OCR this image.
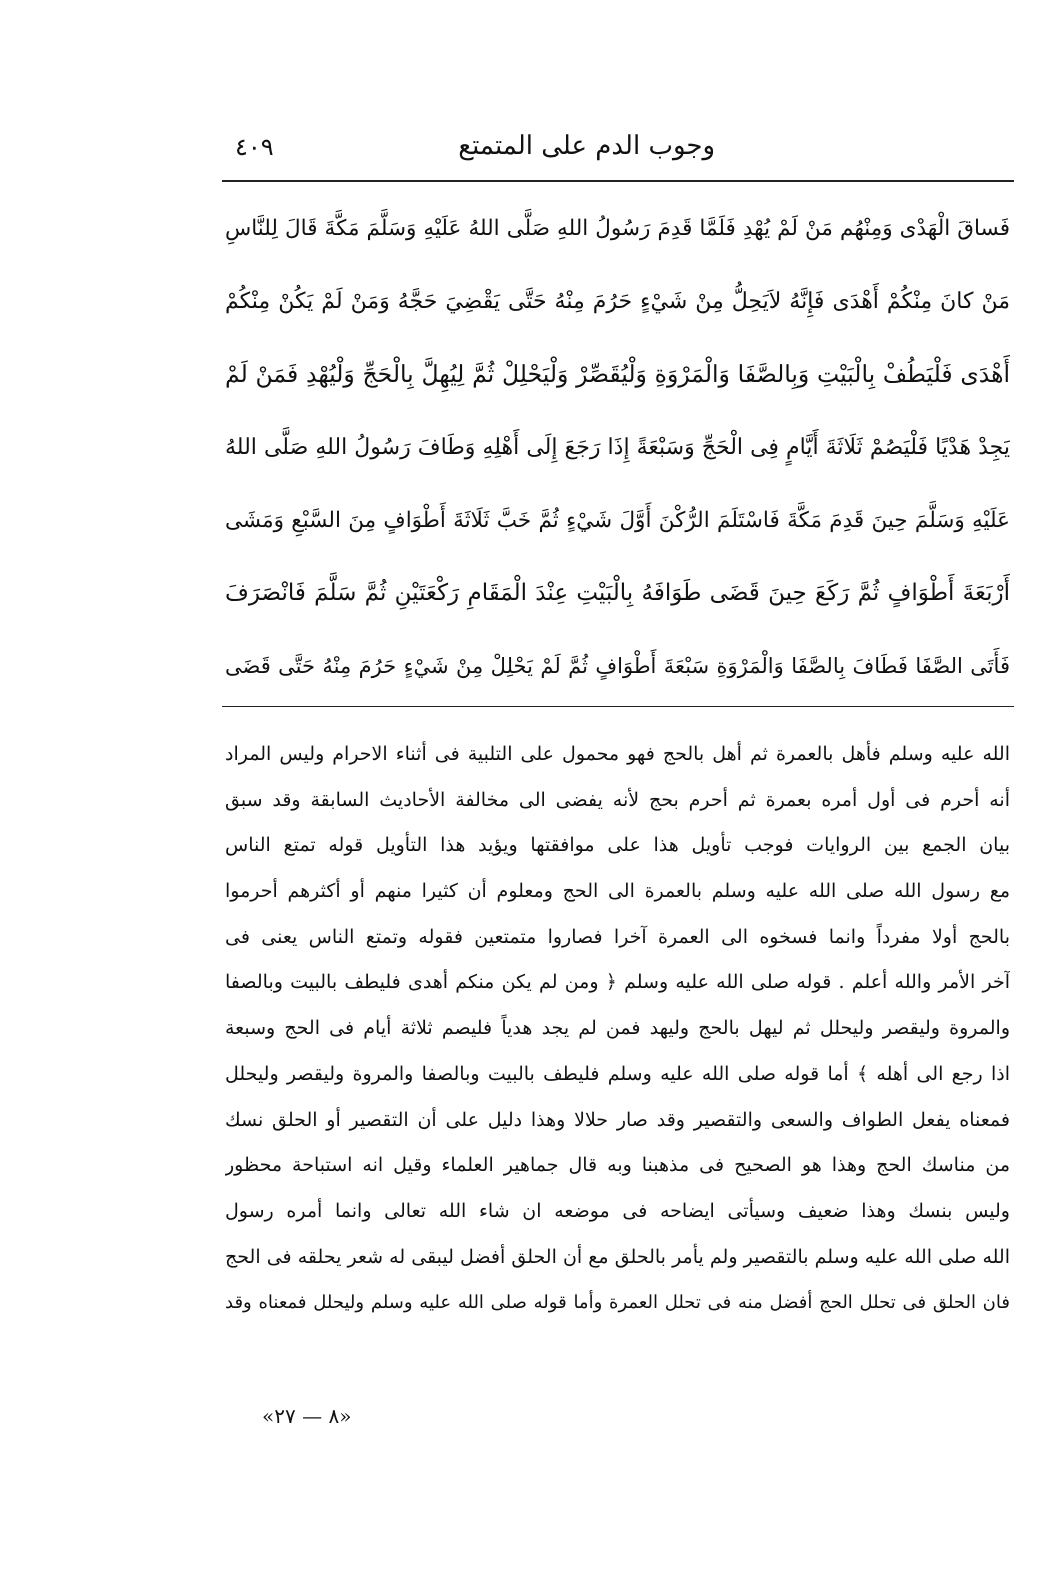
وجوب الدم على المتمتع
٤٠٩
فَساقَ الْهَدْى وَمِنْهُم مَنْ لَمْ يُهْدِ فَلَمَّا قَدِمَ رَسُولُ اللهِ صَلَّى اللهُ عَلَيْهِ وَسَلَّمَ مَكَّةَ قَالَ لِلنَّاسِ
مَنْ كانَ مِنْكُمْ أَهْدَى فَإِنَّهُ لاَيَحِلُّ مِنْ شَيْءٍ حَرُمَ مِنْهُ حَتَّى يَقْضِيَ حَجَّهُ وَمَنْ لَمْ يَكُنْ مِنْكُمْ
أَهْدَى فَلْيَطُفْ بِالْبَيْتِ وَبِالصَّفَا وَالْمَرْوَةِ وَلْيُقَصِّرْ وَلْيَحْلِلْ ثُمَّ لِيُهِلَّ بِالْحَجِّ وَلْيُهْدِ فَمَنْ لَمْ
يَجِدْ هَدْيًا فَلْيَصُمْ ثَلَاثَةَ أَيَّامٍ فِى الْحَجِّ وَسَبْعَةً إِذَا رَجَعَ إِلَى أَهْلِهِ وَطَافَ رَسُولُ اللهِ صَلَّى اللهُ
عَلَيْهِ وَسَلَّمَ حِينَ قَدِمَ مَكَّةَ فَاسْتَلَمَ الرُّكْنَ أَوَّلَ شَيْءٍ ثُمَّ خَبَّ ثَلَاثَةَ أَطْوَافٍ مِنَ السَّبْعِ وَمَشَى
أَرْبَعَةَ أَطْوَافٍ ثُمَّ رَكَعَ حِينَ قَضَى طَوَافَهُ بِالْبَيْتِ عِنْدَ الْمَقَامِ رَكْعَتَيْنِ ثُمَّ سَلَّمَ فَانْصَرَفَ
فَأَتَى الصَّفَا فَطَافَ بِالصَّفَا وَالْمَرْوَةِ سَبْعَةَ أَطْوَافٍ ثُمَّ لَمْ يَحْلِلْ مِنْ شَيْءٍ حَرُمَ مِنْهُ حَتَّى قَضَى
الله عليه وسلم فأهل بالعمرة ثم أهل بالحج فهو محمول على التلبية فى أثناء الاحرام وليس المراد
أنه أحرم فى أول أمره بعمرة ثم أحرم بحج لأنه يفضى الى مخالفة الأحاديث السابقة وقد سبق
بيان الجمع بين الروايات فوجب تأويل هذا على موافقتها ويؤيد هذا التأويل قوله تمتع الناس
مع رسول الله صلى الله عليه وسلم بالعمرة الى الحج ومعلوم أن كثيرا منهم أو أكثرهم أحرموا
بالحج أولا مفرداً وانما فسخوه الى العمرة آخرا فصاروا متمتعين فقوله وتمتع الناس يعنى فى
آخر الأمر والله أعلم . قوله صلى الله عليه وسلم ﴿ ومن لم يكن منكم أهدى فليطف بالبيت وبالصفا
والمروة وليقصر وليحلل ثم ليهل بالحج وليهد فمن لم يجد هدياً فليصم ثلاثة أيام فى الحج وسبعة
اذا رجع الى أهله ﴾ أما قوله صلى الله عليه وسلم فليطف بالبيت وبالصفا والمروة وليقصر وليحلل
فمعناه يفعل الطواف والسعى والتقصير وقد صار حلالا وهذا دليل على أن التقصير أو الحلق نسك
من مناسك الحج وهذا هو الصحيح فى مذهبنا وبه قال جماهير العلماء وقيل انه استباحة محظور
وليس بنسك وهذا ضعيف وسيأتى ايضاحه فى موضعه ان شاء الله تعالى وانما أمره رسول
الله صلى الله عليه وسلم بالتقصير ولم يأمر بالحلق مع أن الحلق أفضل ليبقى له شعر يحلقه فى الحج
فان الحلق فى تحلل الحج أفضل منه فى تحلل العمرة وأما قوله صلى الله عليه وسلم وليحلل فمعناه وقد
«٨ — ٢٧»
